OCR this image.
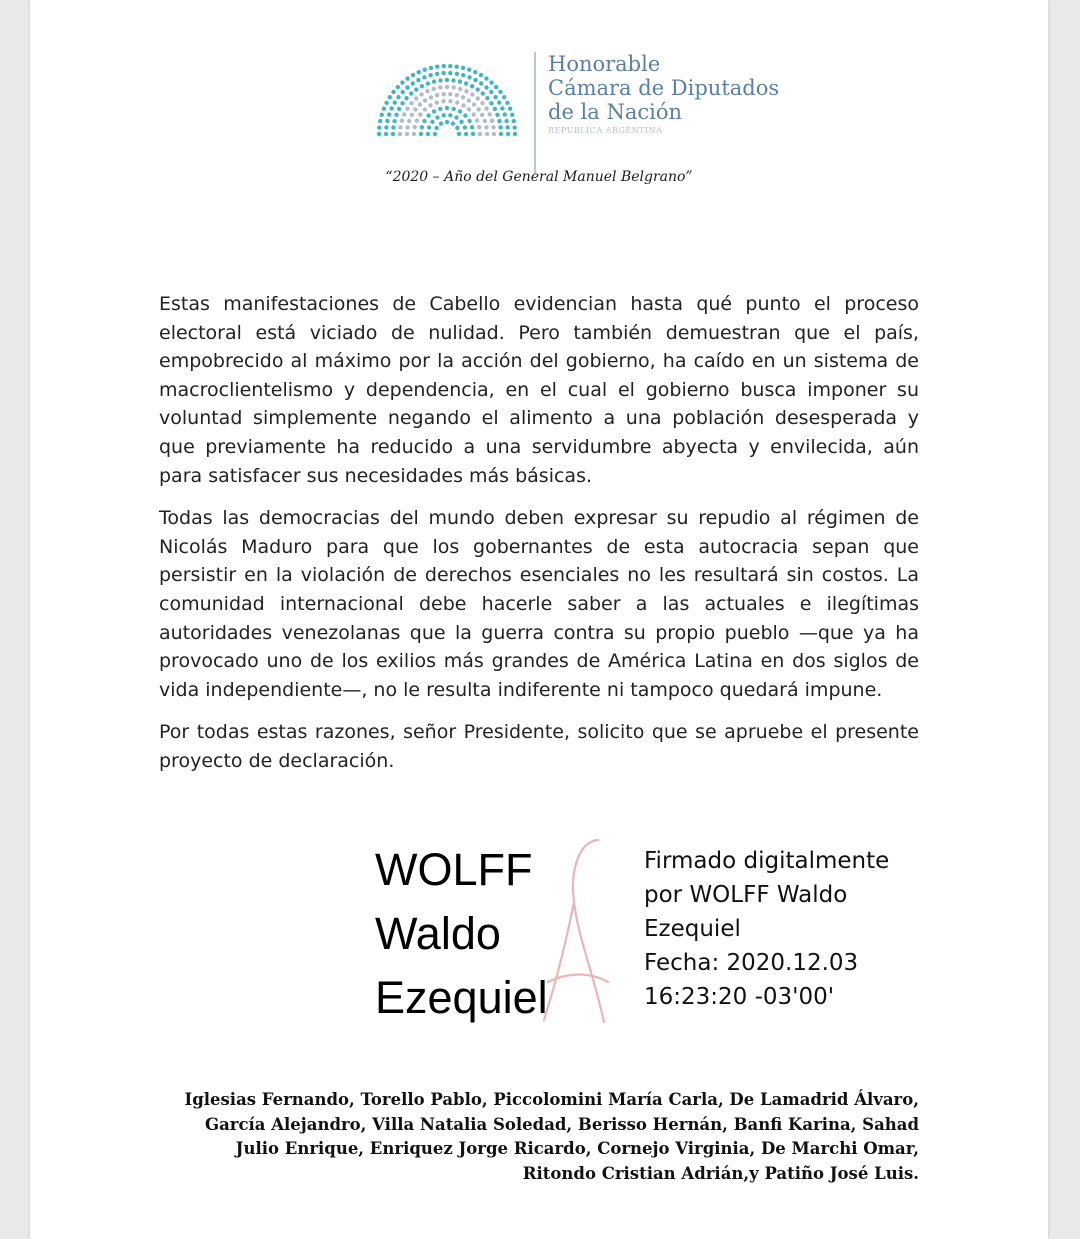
Honorable
Cámara de Diputados
de la Nación
REPÚBLICA ARGENTINA
“2020 – Año del General Manuel Belgrano”

Estas manifestaciones de Cabello evidencian hasta qué punto el proceso electoral está viciado de nulidad. Pero también demuestran que el país, empobrecido al máximo por la acción del gobierno, ha caído en un sistema de macroclientelismo y dependencia, en el cual el gobierno busca imponer su voluntad simplemente negando el alimento a una población desesperada y que previamente ha reducido a una servidumbre abyecta y envilecida, aún para satisfacer sus necesidades más básicas.

Todas las democracias del mundo deben expresar su repudio al régimen de Nicolás Maduro para que los gobernantes de esta autocracia sepan que persistir en la violación de derechos esenciales no les resultará sin costos. La comunidad internacional debe hacerle saber a las actuales e ilegítimas autoridades venezolanas que la guerra contra su propio pueblo —que ya ha provocado uno de los exilios más grandes de América Latina en dos siglos de vida independiente—, no le resulta indiferente ni tampoco quedará impune.

Por todas estas razones, señor Presidente, solicito que se apruebe el presente proyecto de declaración.

WOLFF
Waldo
Ezequiel
Firmado digitalmente
por WOLFF Waldo
Ezequiel
Fecha: 2020.12.03
16:23:20 -03'00'
Iglesias Fernando, Torello Pablo, Piccolomini María Carla, De Lamadrid Álvaro,
García Alejandro, Villa Natalia Soledad, Berisso Hernán, Banfi Karina, Sahad
Julio Enrique, Enriquez Jorge Ricardo, Cornejo Virginia, De Marchi Omar,
Ritondo Cristian Adrián,y Patiño José Luis.
